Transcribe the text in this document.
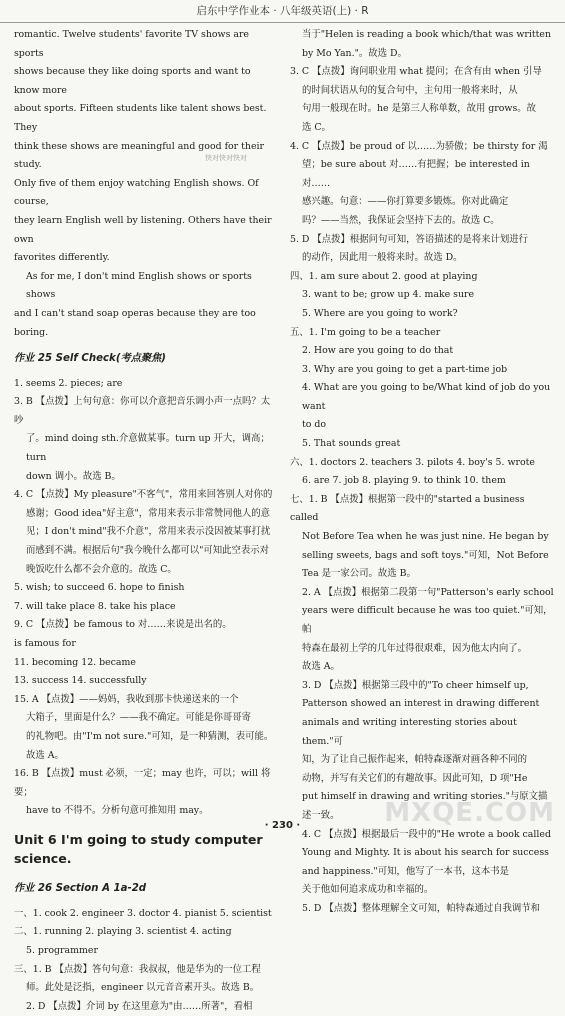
启东中学作业本 · 八年级英语(上) · R
romantic. Twelve students' favorite TV shows are sports
shows because they like doing sports and want to know more
about sports. Fifteen students like talent shows best. They
think these shows are meaningful and good for their study.
Only five of them enjoy watching English shows. Of course,
they learn English well by listening. Others have their own
favorites differently.
As for me, I don't mind English shows or sports shows
and I can't stand soap operas because they are too boring.
作业 25 Self Check(考点聚焦)
1. seems 2. pieces; are
3. B 【点拨】上句句意：你可以介意把音乐调小声一点吗？太吵
了。mind doing sth.介意做某事。turn up 开大，调高；turn
down 调小。故选 B。
4. C 【点拨】My pleasure"不客气"，常用来回答别人对你的
感谢；Good idea"好主意"，常用来表示非常赞同他人的意
见；I don't mind"我不介意"，常用来表示没因被某事打扰
而感到不满。根据后句"我今晚什么都可以"可知此空表示对
晚饭吃什么都不会介意的。故选 C。
5. wish; to succeed 6. hope to finish
7. will take place 8. take his place
9. C 【点拨】be famous to 对……来说是出名的。
is famous for
11. becoming 12. became
13. success 14. successfully
15. A 【点拨】——妈妈，我收到那卡快递送来的一个
大箱子，里面是什么？——我不确定。可能是你哥哥寄
的礼物吧。由"I'm not sure."可知，是一种猜测，表可能。
故选 A。
16. B 【点拨】must 必须，一定；may 也许，可以；will 将要；
have to 不得不。分析句意可推知用 may。
Unit 6 I'm going to study computer science.
作业 26 Section A 1a-2d
一、1. cook 2. engineer 3. doctor 4. pianist 5. scientist
二、1. running 2. playing 3. scientist 4. acting
5. programmer
三、1. B 【点拨】答句句意：我叔叔，他是华为的一位工程
师。此处是泛指，engineer 以元音音素开头。故选 B。
2. D 【点拨】介词 by 在这里意为"由……所著"，看相
当于"Helen is reading a book which/that was written
by Mo Yan."。故选 D。
3. C 【点拨】询问职业用 what 提问；在含有由 when 引导
的时间状语从句的复合句中，主句用一般将来时，从
句用一般现在时。he 是第三人称单数，故用 grows。故
选 C。
4. C 【点拨】be proud of 以……为骄傲；be thirsty for 渴
望；be sure about 对……有把握；be interested in 对……
感兴趣。句意：——你打算要多锻炼。你对此确定
吗？——当然，我保证会坚持下去的。故选 C。
5. D 【点拨】根据问句可知，答语描述的是将来计划进行
的动作，因此用一般将来时。故选 D。
四、1. am sure about 2. good at playing
3. want to be; grow up 4. make sure
5. Where are you going to work?
五、1. I'm going to be a teacher
2. How are you going to do that
3. Why are you going to get a part-time job
4. What are you going to be/What kind of job do you want
to do
5. That sounds great
六、1. doctors 2. teachers 3. pilots 4. boy's 5. wrote
6. are 7. job 8. playing 9. to think 10. them
七、1. B 【点拨】根据第一段中的"started a business called
Not Before Tea when he was just nine. He began by
selling sweets, bags and soft toys."可知，Not Before
Tea 是一家公司。故选 B。
2. A 【点拨】根据第二段第一句"Patterson's early school
years were difficult because he was too quiet."可知，帕
特森在最初上学的几年过得很艰难，因为他太内向了。
故选 A。
3. D 【点拨】根据第三段中的"To cheer himself up,
Patterson showed an interest in drawing different
animals and writing interesting stories about them."可
知，为了让自己振作起来，帕特森逐渐对画各种不同的
动物，并写有关它们的有趣故事。因此可知，D 项"He
put himself in drawing and writing stories."与原文描
述一致。
4. C 【点拨】根据最后一段中的"He wrote a book called
Young and Mighty. It is about his search for success
and happiness."可知，他写了一本书，这本书是
关于他如何追求成功和幸福的。
5. D 【点拨】整体理解全文可知，帕特森通过自我调节和
快对快对快对
· 230 ·	MXQE.COM
